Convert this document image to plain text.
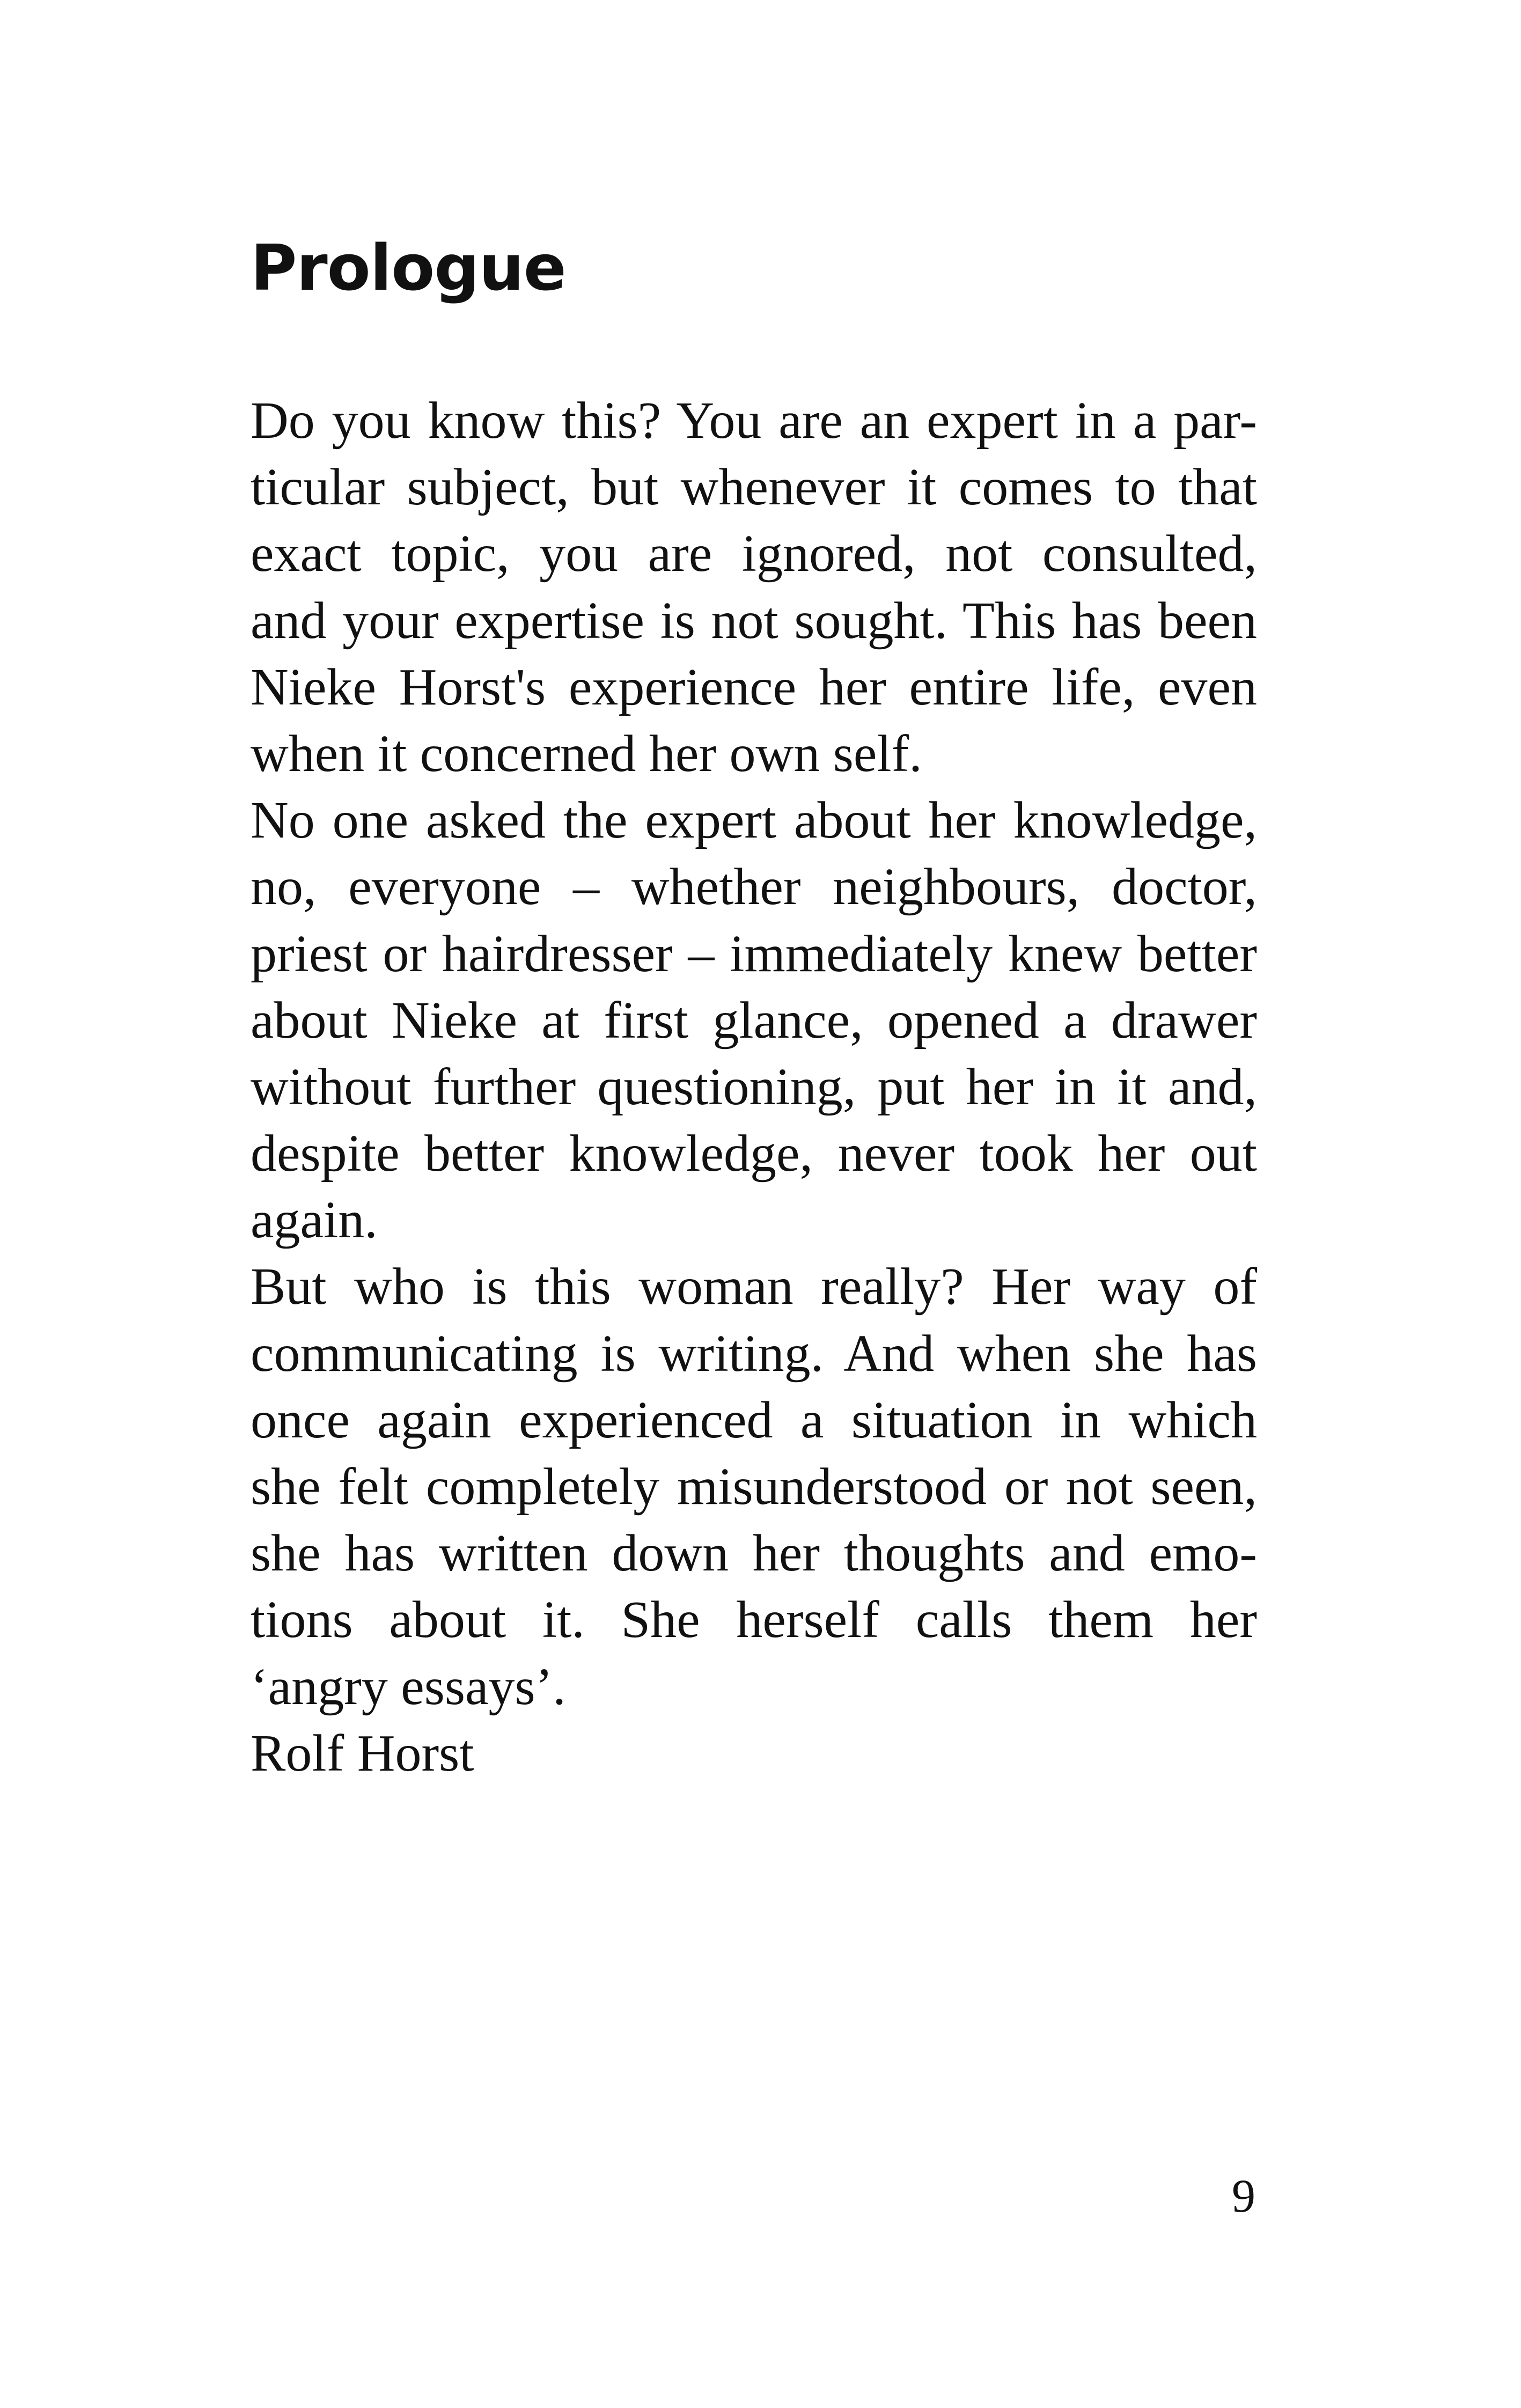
Prologue
Do you know this? You are an expert in a par-
ticular subject, but whenever it comes to that
exact topic, you are ignored, not consulted,
and your expertise is not sought. This has been
Nieke Horst's experience her entire life, even
when it concerned her own self.
No one asked the expert about her knowledge,
no, everyone – whether neighbours, doctor,
priest or hairdresser – immediately knew better
about Nieke at first glance, opened a drawer
without further questioning, put her in it and,
despite better knowledge, never took her out
again.
But who is this woman really? Her way of
communicating is writing. And when she has
once again experienced a situation in which
she felt completely misunderstood or not seen,
she has written down her thoughts and emo-
tions about it. She herself calls them her
‘angry essays’.
Rolf Horst
9
